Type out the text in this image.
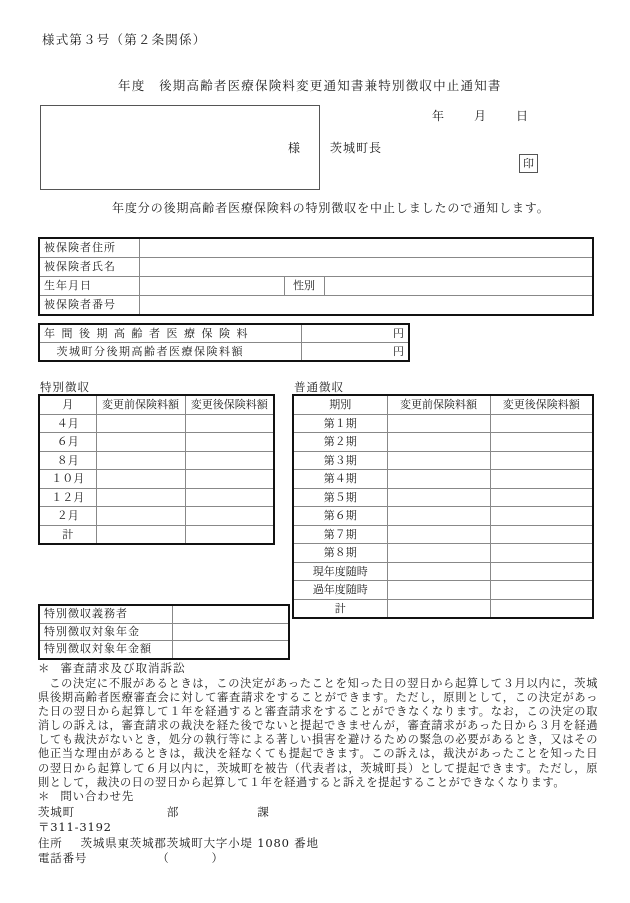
様式第３号（第２条関係）
年度　後期高齢者医療保険料変更通知書兼特別徴収中止通知書
年 月 日
様 茨城町長
印
年度分の後期高齢者医療保険料の特別徴収を中止しましたので通知します。
被保険者住所			
被保険者氏名			
生年月日		性別	
被保険者番号			
年 間 後 期 高 齢 者 医 療 保 険 料	円
　茨城町分後期高齢者医療保険料額	円
特別徴収
月	変更前保険料額	変更後保険料額
４月		
６月		
８月		
１０月		
１２月		
２月		
計		
普通徴収
期別	変更前保険料額	変更後保険料額
第１期		
第２期		
第３期		
第４期		
第５期		
第６期		
第７期		
第８期		
現年度随時		
過年度随時		
計		
特別徴収義務者	
特別徴収対象年金	
特別徴収対象年金額	
＊ 審査請求及び取消訴訟
この決定に不服があるときは，この決定があったことを知った日の翌日から起算して３月以内に，茨城県後期高齢者医療審査会に対して審査請求をすることができます。ただし，原則として，この決定があった日の翌日から起算して１年を経過すると審査請求をすることができなくなります。なお，この決定の取消しの訴えは，審査請求の裁決を経た後でないと提起できませんが，審査請求があった日から３月を経過しても裁決がないとき，処分の執行等による著しい損害を避けるための緊急の必要があるとき，又はその他正当な理由があるときは，裁決を経なくても提起できます。この訴えは，裁決があったことを知った日の翌日から起算して６月以内に，茨城町を被告（代表者は，茨城町長）として提起できます。ただし，原則として，裁決の日の翌日から起算して１年を経過すると訴えを提起することができなくなります。
＊ 問い合わせ先
茨城町	部	課
〒311-3192
住所 茨城県東茨城郡茨城町大字小堤 1080 番地
電話番号	（	）
